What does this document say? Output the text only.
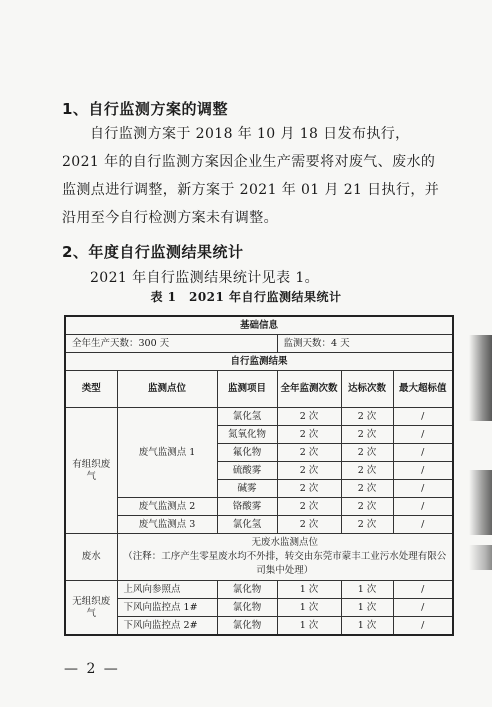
1、自行监测方案的调整
自行监测方案于 2018 年 10 月 18 日发布执行，2021 年的自行监测方案因企业生产需要将对废气、废水的监测点进行调整，新方案于 2021 年 01 月 21 日执行，并沿用至今自行检测方案未有调整。
2、年度自行监测结果统计
2021 年自行监测结果统计见表 1。
表 1　2021 年自行监测结果统计
基础信息					
全年生产天数：300 天			监测天数：4 天		
自行监测结果					
类型	监测点位	监测项目	全年监测次数	达标次数	最大超标值
有组织废气	废气监测点 1	氯化氢	2 次	2 次	/
		氮氧化物	2 次	2 次	/
		氟化物	2 次	2 次	/
		硫酸雾	2 次	2 次	/
		碱雾	2 次	2 次	/
	废气监测点 2	铬酸雾	2 次	2 次	/
	废气监测点 3	氯化氢	2 次	2 次	/
废水	无废水监测点位
（注释：工序产生零星废水均不外排，转交由东莞市蒙丰工业污水处理有限公司集中处理）				

无组织废气	上风向参照点	氯化物	1 次	1 次	/
	下风向监控点 1#	氯化物	1 次	1 次	/
	下风向监控点 2#	氯化物	1 次	1 次	/
— 2 —
